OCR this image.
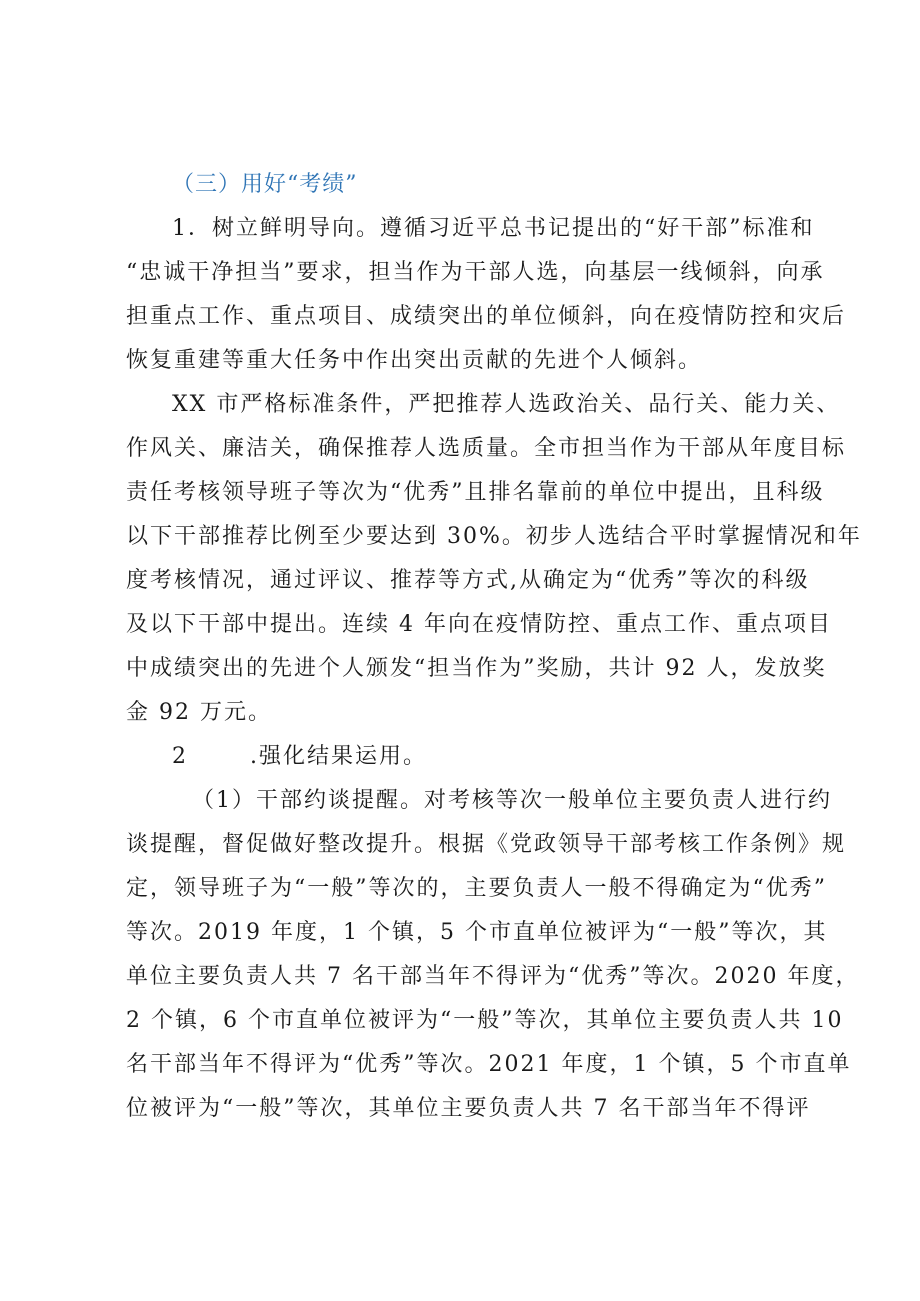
（三）用好“考绩”
1．树立鲜明导向。遵循习近平总书记提出的“好干部”标准和
“忠诚干净担当”要求，担当作为干部人选，向基层一线倾斜，向承
担重点工作、重点项目、成绩突出的单位倾斜，向在疫情防控和灾后
恢复重建等重大任务中作出突出贡献的先进个人倾斜。
XX 市严格标准条件，严把推荐人选政治关、品行关、能力关、
作风关、廉洁关，确保推荐人选质量。全市担当作为干部从年度目标
责任考核领导班子等次为“优秀”且排名靠前的单位中提出，且科级
以下干部推荐比例至少要达到 30%。初步人选结合平时掌握情况和年
度考核情况，通过评议、推荐等方式,从确定为“优秀”等次的科级
及以下干部中提出。连续 4 年向在疫情防控、重点工作、重点项目
中成绩突出的先进个人颁发“担当作为”奖励，共计 92 人，发放奖
金 92 万元。
2	.强化结果运用。
（1）干部约谈提醒。对考核等次一般单位主要负责人进行约
谈提醒，督促做好整改提升。根据《党政领导干部考核工作条例》规
定，领导班子为“一般”等次的，主要负责人一般不得确定为“优秀”
等次。2019 年度，1 个镇，5 个市直单位被评为“一般”等次，其
单位主要负责人共 7 名干部当年不得评为“优秀”等次。2020 年度，
2 个镇，6 个市直单位被评为“一般”等次，其单位主要负责人共 10
名干部当年不得评为“优秀”等次。2021 年度，1 个镇，5 个市直单
位被评为“一般”等次，其单位主要负责人共 7 名干部当年不得评
